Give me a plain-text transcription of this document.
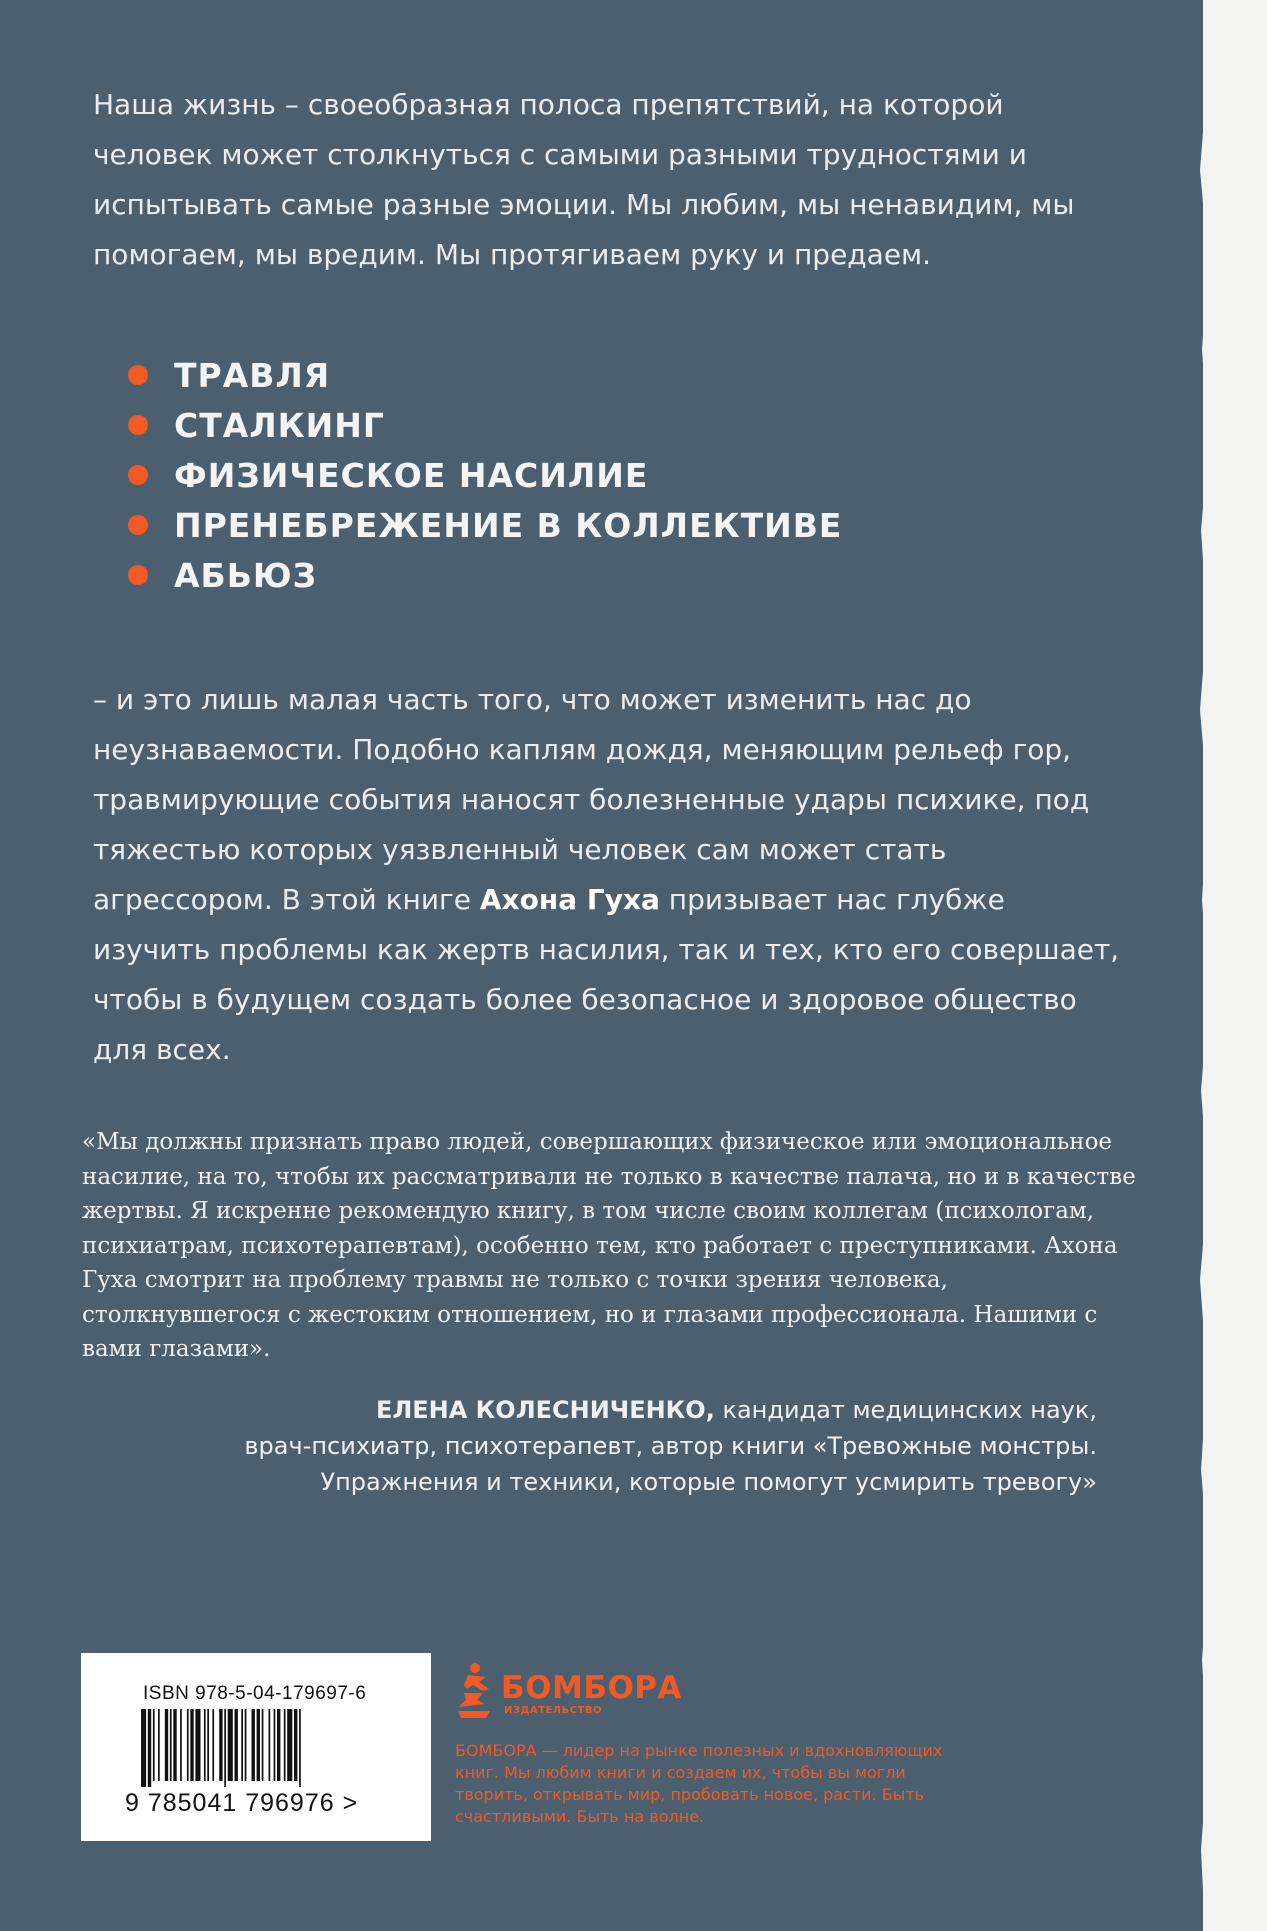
Наша жизнь – своеобразная полоса препятствий, на которой человек может столкнуться с самыми разными трудностями и испытывать самые разные эмоции. Мы любим, мы ненавидим, мы помогаем, мы вредим. Мы протягиваем руку и предаем.

ТРАВЛЯ
СТАЛКИНГ
ФИЗИЧЕСКОЕ НАСИЛИЕ
ПРЕНЕБРЕЖЕНИЕ В КОЛЛЕКТИВЕ
АБЬЮЗ

– и это лишь малая часть того, что может изменить нас до неузнаваемости. Подобно каплям дождя, меняющим рельеф гор, травмирующие события наносят болезненные удары психике, под тяжестью которых уязвленный человек сам может стать агрессором. В этой книге Ахона Гуха призывает нас глубже изучить проблемы как жертв насилия, так и тех, кто его совершает, чтобы в будущем создать более безопасное и здоровое общество для всех.

«Мы должны признать право людей, совершающих физическое или эмоциональное насилие, на то, чтобы их рассматривали не только в качестве палача, но и в качестве жертвы. Я искренне рекомендую книгу, в том числе своим коллегам (психологам, психиатрам, психотерапевтам), особенно тем, кто работает с преступниками. Ахона Гуха смотрит на проблему травмы не только с точки зрения человека, столкнувшегося с жестоким отношением, но и глазами профессионала. Нашими с вами глазами».

ЕЛЕНА КОЛЕСНИЧЕНКО, кандидат медицинских наук,
врач-психиатр, психотерапевт, автор книги «Тревожные монстры.
Упражнения и техники, которые помогут усмирить тревогу»

ISBN 978-5-04-179697-6
9 785041 796976 >
БОМБОРА
ИЗДАТЕЛЬСТВО

БОМБОРА — лидер на рынке полезных и вдохновляющих книг. Мы любим книги и создаем их, чтобы вы могли творить, открывать мир, пробовать новое, расти. Быть счастливыми. Быть на волне.
